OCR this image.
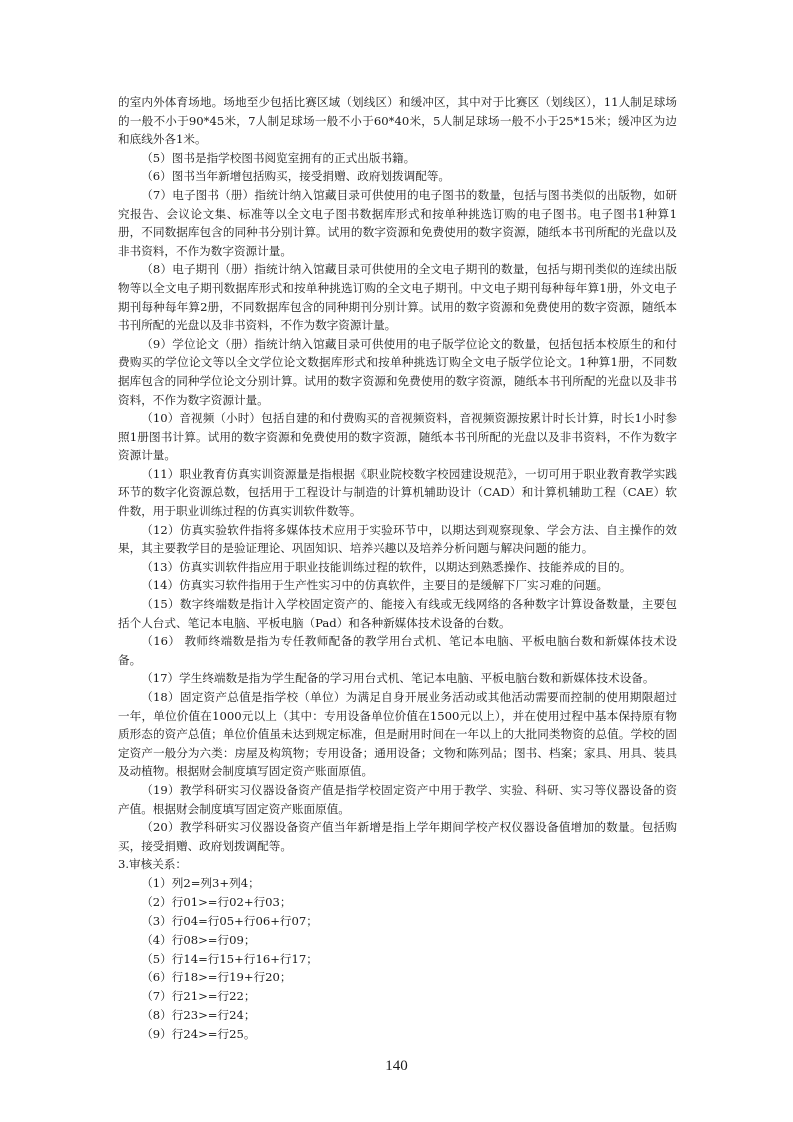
的室内外体育场地。场地至少包括比赛区域（划线区）和缓冲区，其中对于比赛区（划线区），11人制足球场的一般不小于90*45米，7人制足球场一般不小于60*40米，5人制足球场一般不小于25*15米；缓冲区为边和底线外各1米。

（5）图书是指学校图书阅览室拥有的正式出版书籍。

（6）图书当年新增包括购买，接受捐赠、政府划拨调配等。

（7）电子图书（册）指统计纳入馆藏目录可供使用的电子图书的数量，包括与图书类似的出版物，如研究报告、会议论文集、标准等以全文电子图书数据库形式和按单种挑选订购的电子图书。电子图书1种算1册，不同数据库包含的同种书分别计算。试用的数字资源和免费使用的数字资源，随纸本书刊所配的光盘以及非书资料，不作为数字资源计量。

（8）电子期刊（册）指统计纳入馆藏目录可供使用的全文电子期刊的数量，包括与期刊类似的连续出版物等以全文电子期刊数据库形式和按单种挑选订购的全文电子期刊。中文电子期刊每种每年算1册，外文电子期刊每种每年算2册，不同数据库包含的同种期刊分别计算。试用的数字资源和免费使用的数字资源，随纸本书刊所配的光盘以及非书资料，不作为数字资源计量。

（9）学位论文（册）指统计纳入馆藏目录可供使用的电子版学位论文的数量，包括包括本校原生的和付费购买的学位论文等以全文学位论文数据库形式和按单种挑选订购全文电子版学位论文。1种算1册，不同数据库包含的同种学位论文分别计算。试用的数字资源和免费使用的数字资源，随纸本书刊所配的光盘以及非书资料，不作为数字资源计量。

（10）音视频（小时）包括自建的和付费购买的音视频资料，音视频资源按累计时长计算，时长1小时参照1册图书计算。试用的数字资源和免费使用的数字资源，随纸本书刊所配的光盘以及非书资料，不作为数字资源计量。

（11）职业教育仿真实训资源量是指根据《职业院校数字校园建设规范》，一切可用于职业教育教学实践环节的数字化资源总数，包括用于工程设计与制造的计算机辅助设计（CAD）和计算机辅助工程（CAE）软件数，用于职业训练过程的仿真实训软件数等。

（12）仿真实验软件指将多媒体技术应用于实验环节中，以期达到观察现象、学会方法、自主操作的效果，其主要教学目的是验证理论、巩固知识、培养兴趣以及培养分析问题与解决问题的能力。

（13）仿真实训软件指应用于职业技能训练过程的软件，以期达到熟悉操作、技能养成的目的。

（14）仿真实习软件指用于生产性实习中的仿真软件，主要目的是缓解下厂实习难的问题。

（15）数字终端数是指计入学校固定资产的、能接入有线或无线网络的各种数字计算设备数量，主要包括个人台式、笔记本电脑、平板电脑（Pad）和各种新媒体技术设备的台数。

（16） 教师终端数是指为专任教师配备的教学用台式机、笔记本电脑、平板电脑台数和新媒体技术设备。

（17）学生终端数是指为学生配备的学习用台式机、笔记本电脑、平板电脑台数和新媒体技术设备。

（18）固定资产总值是指学校（单位）为满足自身开展业务活动或其他活动需要而控制的使用期限超过一年，单位价值在1000元以上（其中：专用设备单位价值在1500元以上），并在使用过程中基本保持原有物质形态的资产总值；单位价值虽未达到规定标准，但是耐用时间在一年以上的大批同类物资的总值。学校的固定资产一般分为六类：房屋及构筑物；专用设备；通用设备；文物和陈列品；图书、档案；家具、用具、装具及动植物。根据财会制度填写固定资产账面原值。

（19）教学科研实习仪器设备资产值是指学校固定资产中用于教学、实验、科研、实习等仪器设备的资产值。根据财会制度填写固定资产账面原值。

（20）教学科研实习仪器设备资产值当年新增是指上学年期间学校产权仪器设备值增加的数量。包括购买，接受捐赠、政府划拨调配等。

3.审核关系：

（1）列2=列3+列4；

（2）行01>=行02+行03；

（3）行04=行05+行06+行07；

（4）行08>=行09；

（5）行14=行15+行16+行17；

（6）行18>=行19+行20；

（7）行21>=行22；

（8）行23>=行24；

（9）行24>=行25。

140
